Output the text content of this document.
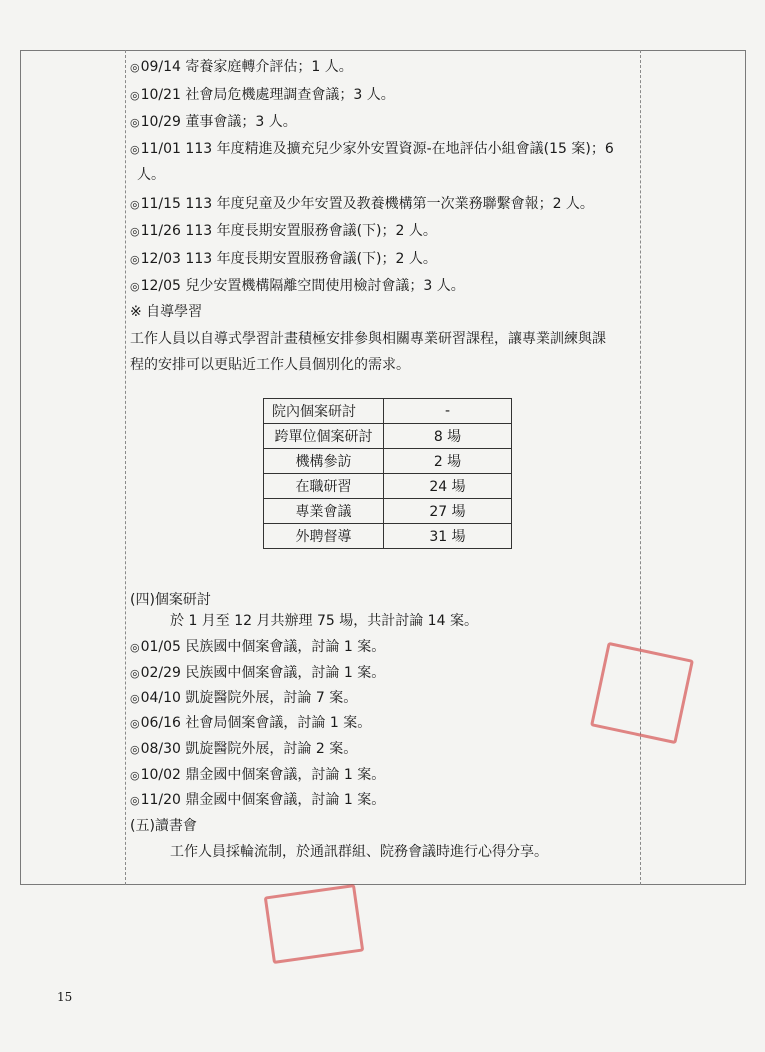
◎09/14 寄養家庭轉介評估；1 人。
◎10/21 社會局危機處理調查會議；3 人。
◎10/29 董事會議；3 人。
◎11/01 113 年度精進及擴充兒少家外安置資源-在地評估小組會議(15 案)；6
人。
◎11/15 113 年度兒童及少年安置及教養機構第一次業務聯繫會報；2 人。
◎11/26 113 年度長期安置服務會議(下)；2 人。
◎12/03 113 年度長期安置服務會議(下)；2 人。
◎12/05 兒少安置機構隔離空間使用檢討會議；3 人。
※ 自導學習
工作人員以自導式學習計畫積極安排參與相關專業研習課程，讓專業訓練與課
程的安排可以更貼近工作人員個別化的需求。
院內個案研討	-
跨單位個案研討	8 場
機構參訪	2 場
在職研習	24 場
專業會議	27 場
外聘督導	31 場
(四)個案研討
於 1 月至 12 月共辦理 75 場，共計討論 14 案。
◎01/05 民族國中個案會議，討論 1 案。
◎02/29 民族國中個案會議，討論 1 案。
◎04/10 凱旋醫院外展，討論 7 案。
◎06/16 社會局個案會議，討論 1 案。
◎08/30 凱旋醫院外展，討論 2 案。
◎10/02 鼎金國中個案會議，討論 1 案。
◎11/20 鼎金國中個案會議，討論 1 案。
(五)讀書會
工作人員採輪流制，於通訊群組、院務會議時進行心得分享。
15
